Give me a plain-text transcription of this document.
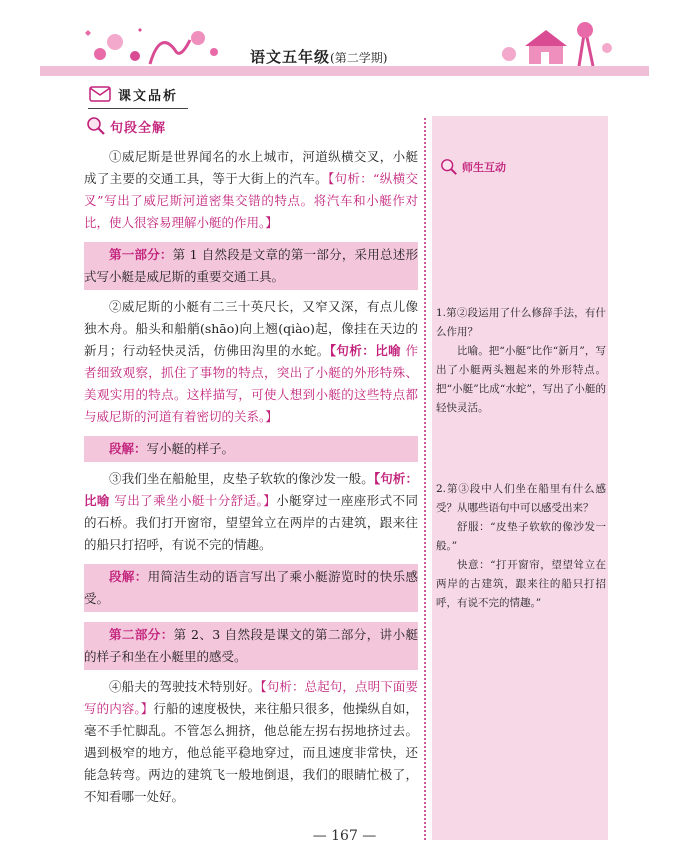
语文五年级(第二学期)
课文品析
句段全解

①威尼斯是世界闻名的水上城市，河道纵横交叉，小艇成了主要的交通工具，等于大街上的汽车。【句析：“纵横交叉”写出了威尼斯河道密集交错的特点。将汽车和小艇作对比，使人很容易理解小艇的作用。】

第一部分：第 1 自然段是文章的第一部分，采用总述形式写小艇是威尼斯的重要交通工具。

②威尼斯的小艇有二三十英尺长，又窄又深，有点儿像独木舟。船头和船艄(shāo)向上翘(qiào)起，像挂在天边的新月；行动轻快灵活，仿佛田沟里的水蛇。【句析：比喻 作者细致观察，抓住了事物的特点，突出了小艇的外形特殊、美观实用的特点。这样描写，可使人想到小艇的这些特点都与威尼斯的河道有着密切的关系。】

段解：写小艇的样子。

③我们坐在船舱里，皮垫子软软的像沙发一般。【句析：比喻 写出了乘坐小艇十分舒适。】小艇穿过一座座形式不同的石桥。我们打开窗帘，望望耸立在两岸的古建筑，跟来往的船只打招呼，有说不完的情趣。

段解：用简洁生动的语言写出了乘小艇游览时的快乐感受。
第二部分：第 2、3 自然段是课文的第二部分，讲小艇的样子和坐在小艇里的感受。

④船夫的驾驶技术特别好。【句析：总起句，点明下面要写的内容。】行船的速度极快，来往船只很多，他操纵自如，毫不手忙脚乱。不管怎么拥挤，他总能左拐右拐地挤过去。遇到极窄的地方，他总能平稳地穿过，而且速度非常快，还能急转弯。两边的建筑飞一般地倒退，我们的眼睛忙极了，不知看哪一处好。

师生互动

1.第②段运用了什么修辞手法，有什么作用？

比喻。把“小艇”比作“新月”，写出了小艇两头翘起来的外形特点。把“小艇”比成“水蛇”，写出了小艇的轻快灵活。

2.第③段中人们坐在船里有什么感受？从哪些语句中可以感受出来？

舒服：“皮垫子软软的像沙发一般。”

快意：“打开窗帘，望望耸立在两岸的古建筑，跟来往的船只打招呼，有说不完的情趣。”

— 167 —
